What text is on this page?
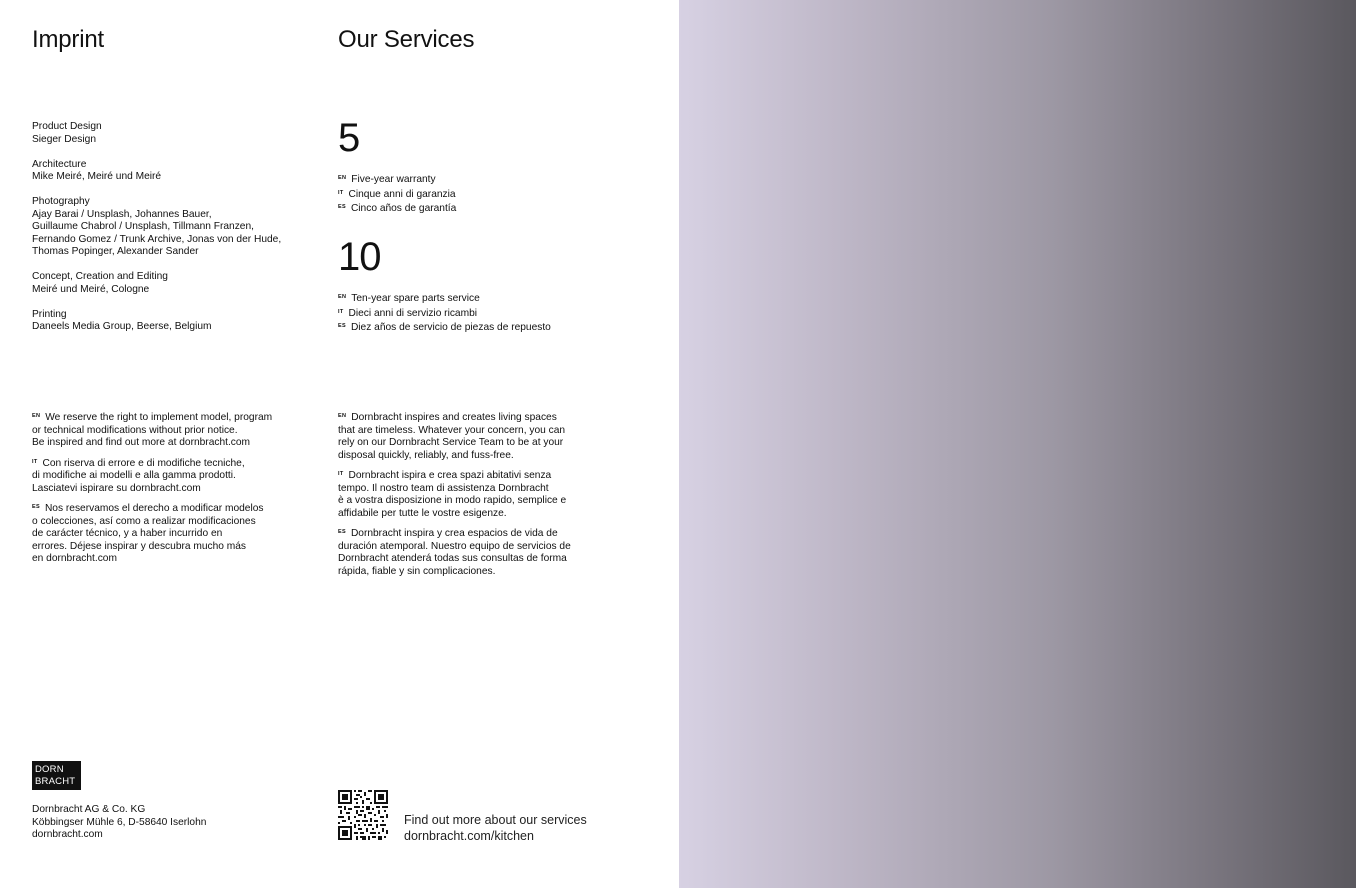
Imprint
Product Design
Sieger Design
Architecture
Mike Meiré, Meiré und Meiré
Photography
Ajay Barai / Unsplash, Johannes Bauer,
Guillaume Chabrol / Unsplash, Tillmann Franzen,
Fernando Gomez / Trunk Archive, Jonas von der Hude,
Thomas Popinger, Alexander Sander
Concept, Creation and Editing
Meiré und Meiré, Cologne
Printing
Daneels Media Group, Beerse, Belgium
$^{EN}$ We reserve the right to implement model, program
or technical modifications without prior notice.
Be inspired and find out more at dornbracht.com
$^{IT}$ Con riserva di errore e di modifiche tecniche,
di modifiche ai modelli e alla gamma prodotti.
Lasciatevi ispirare su dornbracht.com
$^{ES}$ Nos reservamos el derecho a modificar modelos
o colecciones, así como a realizar modificaciones
de carácter técnico, y a haber incurrido en
errores. Déjese inspirar y descubra mucho más
en dornbracht.com
Our Services
5
$^{EN}$ Five-year warranty
$^{IT}$ Cinque anni di garanzia
$^{ES}$ Cinco años de garantía
10
$^{EN}$ Ten-year spare parts service
$^{IT}$ Dieci anni di servizio ricambi
$^{ES}$ Diez años de servicio de piezas de repuesto
$^{EN}$ Dornbracht inspires and creates living spaces
that are timeless. Whatever your concern, you can
rely on our Dornbracht Service Team to be at your
disposal quickly, reliably, and fuss-free.
$^{IT}$ Dornbracht ispira e crea spazi abitativi senza
tempo. Il nostro team di assistenza Dornbracht
è a vostra disposizione in modo rapido, semplice e
affidabile per tutte le vostre esigenze.
$^{ES}$ Dornbracht inspira y crea espacios de vida de
duración atemporal. Nuestro equipo de servicios de
Dornbracht atenderá todas sus consultas de forma
rápida, fiable y sin complicaciones.
DORN
BRACHT
Dornbracht AG & Co. KG
Köbbingser Mühle 6, D-58640 Iserlohn
dornbracht.com
Find out more about our services
dornbracht.com/kitchen
